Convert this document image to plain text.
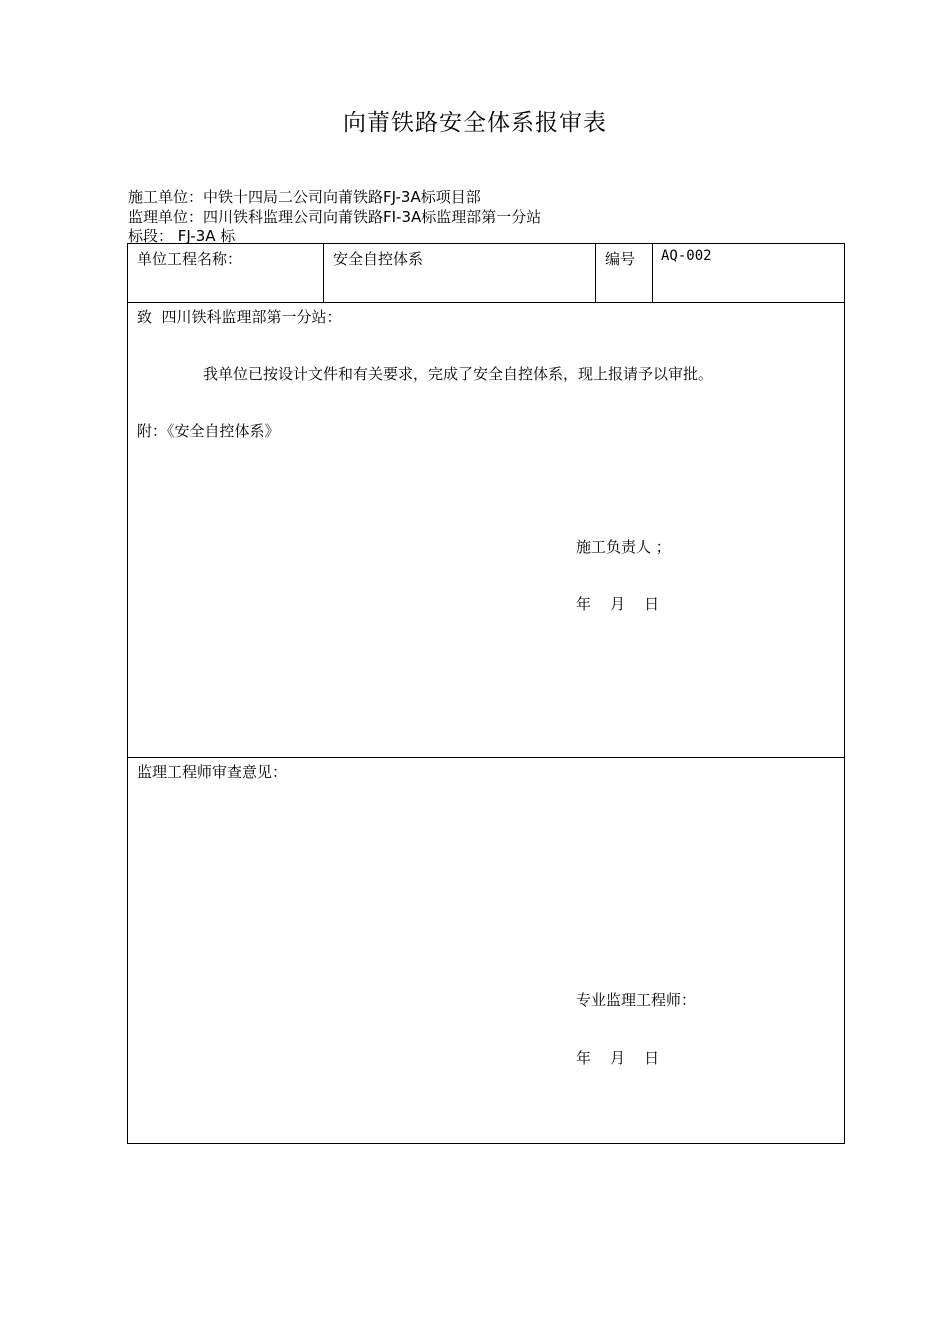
向莆铁路安全体系报审表
施工单位：中铁十四局二公司向莆铁路FJ-3A标项目部
监理单位：四川铁科监理公司向莆铁路FI-3A标监理部第一分站
标段： FJ-3A 标
单位工程名称：	安全自控体系	编号 AQ-002
致  四川铁科监理部第一分站：
我单位已按设计文件和有关要求，完成了安全自控体系，现上报请予以审批。
附：《安全自控体系》
施工负责人 ；
年    月    日
监理工程师审查意见：
专业监理工程师：
年    月    日
